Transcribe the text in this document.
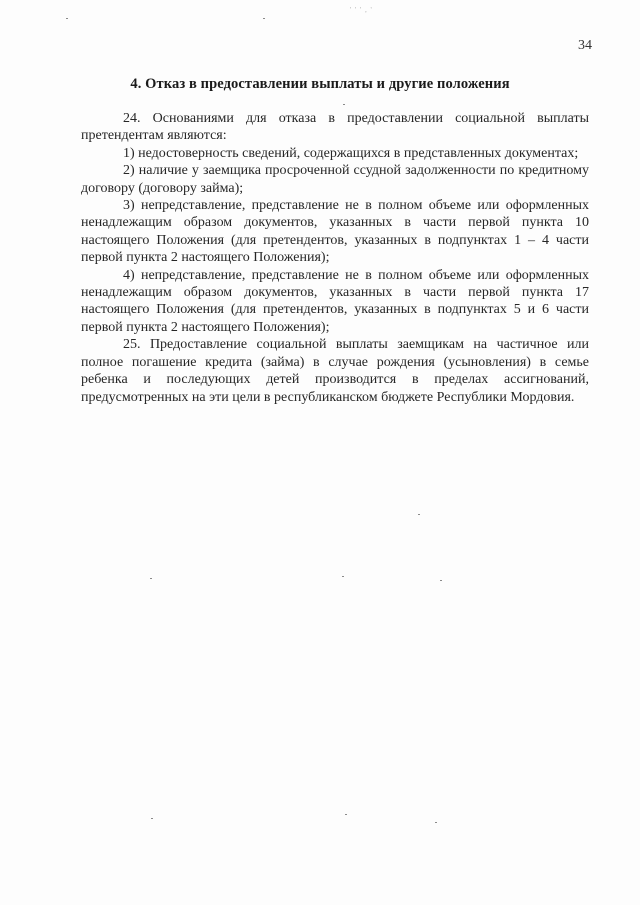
' ' ' , '
34
4. Отказ в предоставлении выплаты и другие положения

24. Основаниями для отказа в предоставлении социальной выплаты претендентам являются:

1) недостоверность сведений, содержащихся в представленных документах;

2) наличие у заемщика просроченной ссудной задолженности по кредитному договору (договору займа);

3) непредставление, представление не в полном объеме или оформленных ненадлежащим образом документов, указанных в части первой пункта 10 настоящего Положения (для претендентов, указанных в подпунктах 1 – 4 части первой пункта 2 настоящего Положения);

4) непредставление, представление не в полном объеме или оформленных ненадлежащим образом документов, указанных в части первой пункта 17 настоящего Положения (для претендентов, указанных в подпунктах 5 и 6 части первой пункта 2 настоящего Положения);

25. Предоставление социальной выплаты заемщикам на частичное или полное погашение кредита (займа) в случае рождения (усыновления) в семье ребенка и последующих детей производится в пределах ассигнований, предусмотренных на эти цели в республиканском бюджете Республики Мордовия.
